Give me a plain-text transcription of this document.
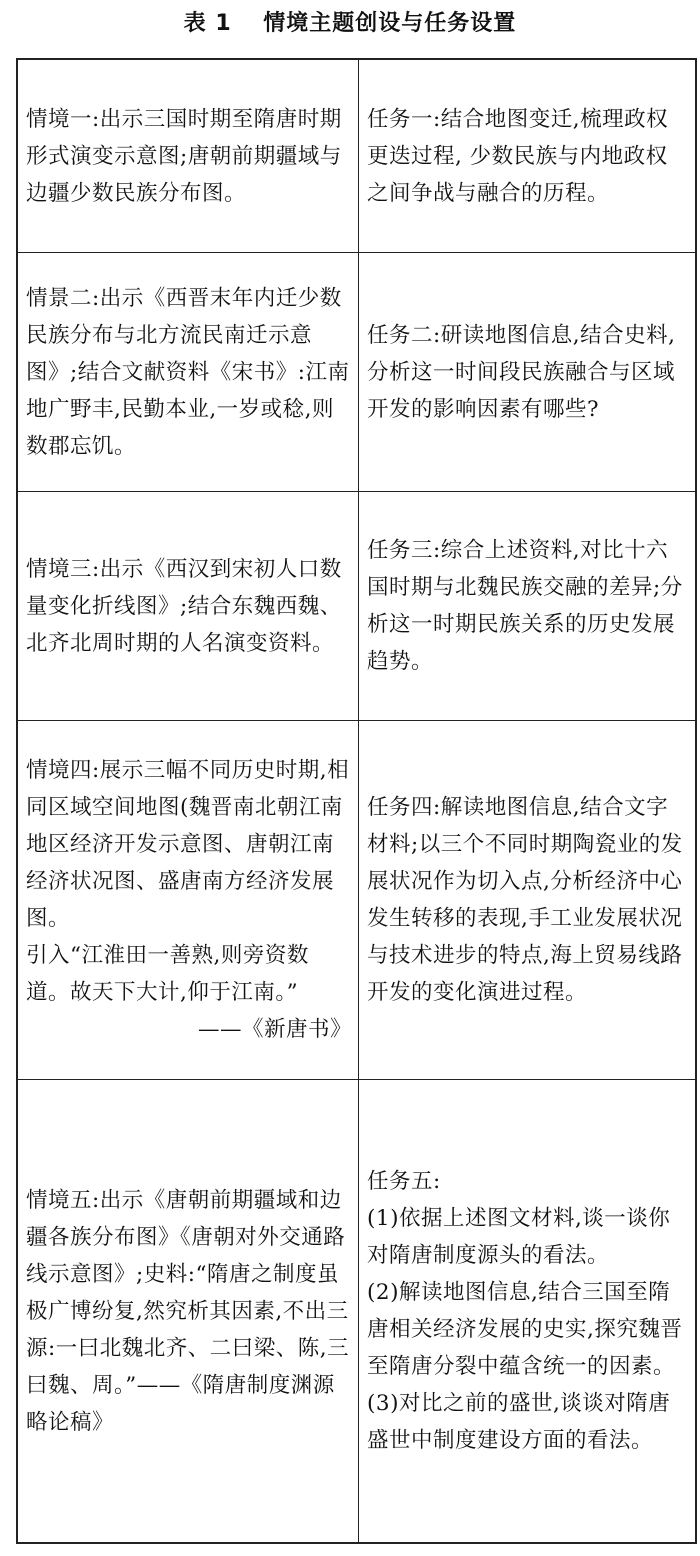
表 1　 情境主题创设与任务设置
情境一:出示三国时期至隋唐时期形式演变示意图;唐朝前期疆域与边疆少数民族分布图。	任务一:结合地图变迁,梳理政权更迭过程, 少数民族与内地政权之间争战与融合的历程。

情景二:出示《西晋末年内迁少数民族分布与北方流民南迁示意图》;结合文献资料《宋书》:江南地广野丰,民勤本业,一岁或稔,则数郡忘饥。	任务二:研读地图信息,结合史料,分析这一时间段民族融合与区域开发的影响因素有哪些?

情境三:出示《西汉到宋初人口数量变化折线图》;结合东魏西魏、北齐北周时期的人名演变资料。	任务三:综合上述资料,对比十六国时期与北魏民族交融的差异;分析这一时期民族关系的历史发展趋势。

情境四:展示三幅不同历史时期,相同区域空间地图(魏晋南北朝江南地区经济开发示意图、唐朝江南经济状况图、盛唐南方经济发展图。
引入“江淮田一善熟,则旁资数道。故天下大计,仰于江南。”
——《新唐书》	任务四:解读地图信息,结合文字材料;以三个不同时期陶瓷业的发展状况作为切入点,分析经济中心发生转移的表现,手工业发展状况与技术进步的特点,海上贸易线路开发的变化演进过程。

情境五:出示《唐朝前期疆域和边疆各族分布图》《唐朝对外交通路线示意图》;史料:“隋唐之制度虽极广博纷复,然究析其因素,不出三源:一曰北魏北齐、二曰梁、陈,三曰魏、周。”——《隋唐制度渊源略论稿》	任务五:
(1)依据上述图文材料,谈一谈你对隋唐制度源头的看法。
(2)解读地图信息,结合三国至隋唐相关经济发展的史实,探究魏晋至隋唐分裂中蕴含统一的因素。
(3)对比之前的盛世,谈谈对隋唐盛世中制度建设方面的看法。
